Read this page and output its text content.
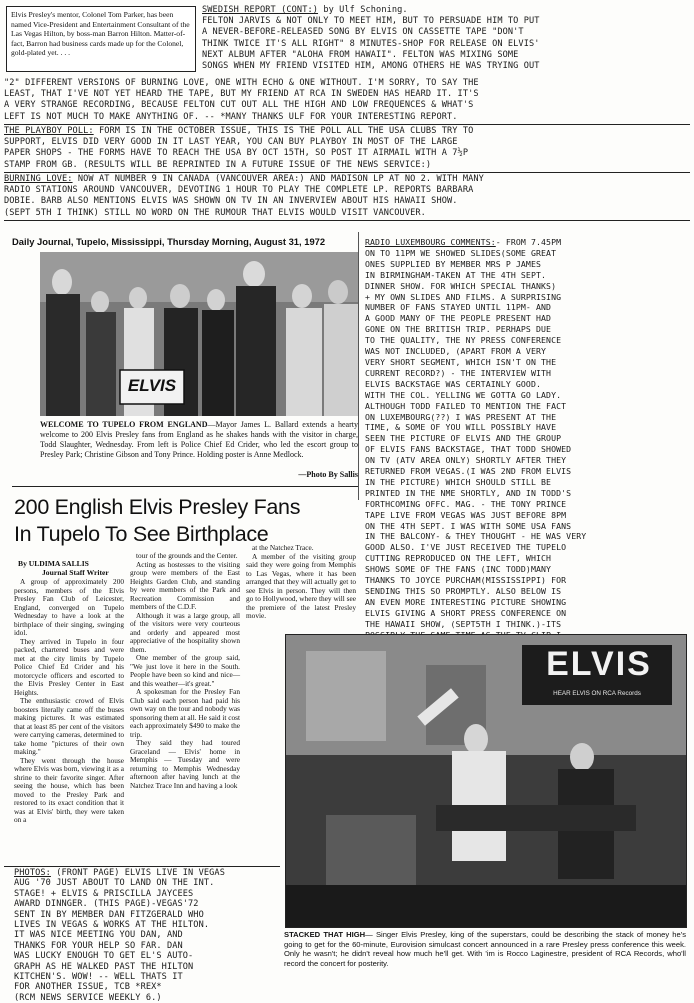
Elvis Presley's mentor, Colonel Tom Parker, has been named Vice-President and Entertainment Consultant of the Las Vegas Hilton, by boss-man Barron Hilton. Matter-of-fact, Barron had business cards made up for the Colonel, gold-plated yet. . . .

SWEDISH REPORT (CONT:) by Ulf Schoning.

FELTON JARVIS & NOT ONLY TO MEET HIM, BUT TO PERSUADE HIM TO PUT

A NEVER-BEFORE-RELEASED SONG BY ELVIS ON CASSETTE TAPE "DON'T

THINK TWICE IT'S ALL RIGHT" 8 MINUTES-SHOP FOR RELEASE ON ELVIS'

NEXT ALBUM AFTER "ALOHA FROM HAWAII". FELTON WAS MIXING SOME

SONGS WHEN MY FRIEND VISITED HIM, AMONG OTHERS HE WAS TRYING OUT

"2" DIFFERENT VERSIONS OF BURNING LOVE, ONE WITH ECHO & ONE WITHOUT. I'M SORRY, TO SAY THE

LEAST, THAT I'VE NOT YET HEARD THE TAPE, BUT MY FRIEND AT RCA IN SWEDEN HAS HEARD IT. IT'S

A VERY STRANGE RECORDING, BECAUSE FELTON CUT OUT ALL THE HIGH AND LOW FREQUENCES & WHAT'S

LEFT IS NOT MUCH TO MAKE ANYTHING OF. -- *MANY THANKS ULF FOR YOUR INTERESTING REPORT.

THE PLAYBOY POLL: FORM IS IN THE OCTOBER ISSUE, THIS IS THE POLL ALL THE USA CLUBS TRY TO

SUPPORT, ELVIS DID VERY GOOD IN IT LAST YEAR, YOU CAN BUY PLAYBOY IN MOST OF THE LARGE

PAPER SHOPS - THE FORMS HAVE TO REACH THE USA BY OCT 15TH, SO POST IT AIRMAIL WITH A 7½P

STAMP FROM GB. (RESULTS WILL BE REPRINTED IN A FUTURE ISSUE OF THE NEWS SERVICE:)

BURNING LOVE: NOW AT NUMBER 9 IN CANADA (VANCOUVER AREA:) AND MADISON LP AT NO 2. WITH MANY

RADIO STATIONS AROUND VANCOUVER, DEVOTING 1 HOUR TO PLAY THE COMPLETE LP. REPORTS BARBARA

DOBIE. BARB ALSO MENTIONS ELVIS WAS SHOWN ON TV IN AN INVERVIEW ABOUT HIS HAWAII SHOW.

(SEPT 5TH I THINK) STILL NO WORD ON THE RUMOUR THAT ELVIS WOULD VISIT VANCOUVER.

Daily Journal, Tupelo, Mississippi, Thursday Morning, August 31, 1972
ELVIS
WELCOME TO TUPELO FROM ENGLAND—Mayor James L. Ballard extends a hearty welcome to 200 Elvis Presley fans from England as he shakes hands with the visitor in charge, Todd Slaughter, Wednesday. From left is Police Chief Ed Crider, who led the escort group to Presley Park; Christine Gibson and Tony Prince. Holding poster is Anne Medlock.
—Photo By Sallis
200 English Elvis Presley Fans
In Tupelo To See Birthplace
By ULDIMA SALLIS
Journal Staff Writer

A group of approximately 200 persons, members of the Elvis Presley Fan Club of Leicester, England, converged on Tupelo Wednesday to have a look at the birthplace of their singing, swinging idol.

They arrived in Tupelo in four packed, chartered buses and were met at the city limits by Tupelo Police Chief Ed Crider and his motorcycle officers and escorted to the Elvis Presley Center in East Heights.

The enthusiastic crowd of Elvis boosters literally came off the buses making pictures. It was estimated that at least 85 per cent of the visitors were carrying cameras, determined to take home "pictures of their own making."

They went through the house where Elvis was born, viewing it as a shrine to their favorite singer. After seeing the house, which has been moved to the Presley Park and restored to its exact condition that it was at Elvis' birth, they were taken on a

tour of the grounds and the Center.

Acting as hostesses to the visiting group were members of the East Heights Garden Club, and standing by were members of the Park and Recreation Commission and members of the C.D.F.

Although it was a large group, all of the visitors were very courteous and orderly and appeared most appreciative of the hospitality shown them.

One member of the group said, "We just love it here in the South. People have been so kind and nice—and this weather—it's great."

A spokesman for the Presley Fan Club said each person had paid his own way on the tour and nobody was sponsoring them at all. He said it cost each approximately $490 to make the trip.

They said they had toured Graceland — Elvis' home in Memphis — Tuesday and were returning to Memphis Wednesday afternoon after having lunch at the Natchez Trace Inn and having a look

at the Natchez Trace.

A member of the visiting group said they were going from Memphis to Las Vegas, where it has been arranged that they will actually get to see Elvis in person. They will then go to Hollywood, where they will see the premiere of the latest Presley movie.

RADIO LUXEMBOURG COMMENTS:- FROM 7.45PM

ON TO 11PM WE SHOWED SLIDES(SOME GREAT

ONES SUPPLIED BY MEMBER MRS P JAMES

IN BIRMINGHAM-TAKEN AT THE 4TH SEPT.

DINNER SHOW. FOR WHICH SPECIAL THANKS)

+ MY OWN SLIDES AND FILMS. A SURPRISING

NUMBER OF FANS STAYED UNTIL 11PM- AND

A GOOD MANY OF THE PEOPLE PRESENT HAD

GONE ON THE BRITISH TRIP. PERHAPS DUE

TO THE QUALITY, THE NY PRESS CONFERENCE

WAS NOT INCLUDED, (APART FROM A VERY

VERY SHORT SEGMENT, WHICH ISN'T ON THE

CURRENT RECORD?) - THE INTERVIEW WITH

ELVIS BACKSTAGE WAS CERTAINLY GOOD.

WITH THE COL. YELLING WE GOTTA GO LADY.

ALTHOUGH TODD FAILED TO MENTION THE FACT

ON LUXEMBOURG(??) I WAS PRESENT AT THE

TIME, & SOME OF YOU WILL POSSIBLY HAVE

SEEN THE PICTURE OF ELVIS AND THE GROUP

OF ELVIS FANS BACKSTAGE, THAT TODD SHOWED

ON TV (ATV AREA ONLY) SHORTLY AFTER THEY

RETURNED FROM VEGAS.(I WAS 2ND FROM ELVIS

IN THE PICTURE) WHICH SHOULD STILL BE

PRINTED IN THE NME SHORTLY, AND IN TODD'S

FORTHCOMING OFFC. MAG. - THE TONY PRINCE

TAPE LIVE FROM VEGAS WAS JUST BEFORE 8PM

ON THE 4TH SEPT. I WAS WITH SOME USA FANS

IN THE BALCONY- & THEY THOUGHT - HE WAS VERY

GOOD ALSO. I'VE JUST RECEIVED THE TUPELO

CUTTING REPRODUCED ON THE LEFT, WHICH

SHOWS SOME OF THE FANS (INC TODD)MANY

THANKS TO JOYCE PURCHAM(MISSISSIPPI) FOR

SENDING THIS SO PROMPTLY. ALSO BELOW IS

AN EVEN MORE INTERESTING PICTURE SHOWING

ELVIS GIVING A SHORT PRESS CONFERENCE ON

THE HAWAII SHOW, (SEPT5TH I THINK.)-ITS

ELVIS
HEAR ELVIS ON RCA Records
STACKED THAT HIGH— Singer Elvis Presley, king of the superstars, could be describing the stack of money he's going to get for the 60-minute, Eurovision simulcast concert announced in a rare Presley press conference this week. Only he wasn't; he didn't reveal how much he'll get. With 'im is Rocco Laginestre, president of RCA Records, who'll record the concert for posterity.

PHOTOS: (FRONT PAGE) ELVIS LIVE IN VEGAS

AUG '70 JUST ABOUT TO LAND ON THE INT.

STAGE! + ELVIS & PRISCILLA JAYCEES

AWARD DINNGER. (THIS PAGE)-VEGAS'72

SENT IN BY MEMBER DAN FITZGERALD WHO

LIVES IN VEGAS & WORKS AT THE HILTON.

IT WAS NICE MEETING YOU DAN, AND

THANKS FOR YOUR HELP SO FAR. DAN

WAS LUCKY ENOUGH TO GET EL'S AUTO-

GRAPH AS HE WALKED PAST THE HILTON

KITCHEN'S. WOW! -- WELL THATS IT

FOR ANOTHER ISSUE, TCB *REX*

(RCM NEWS SERVICE WEEKLY 6.)
